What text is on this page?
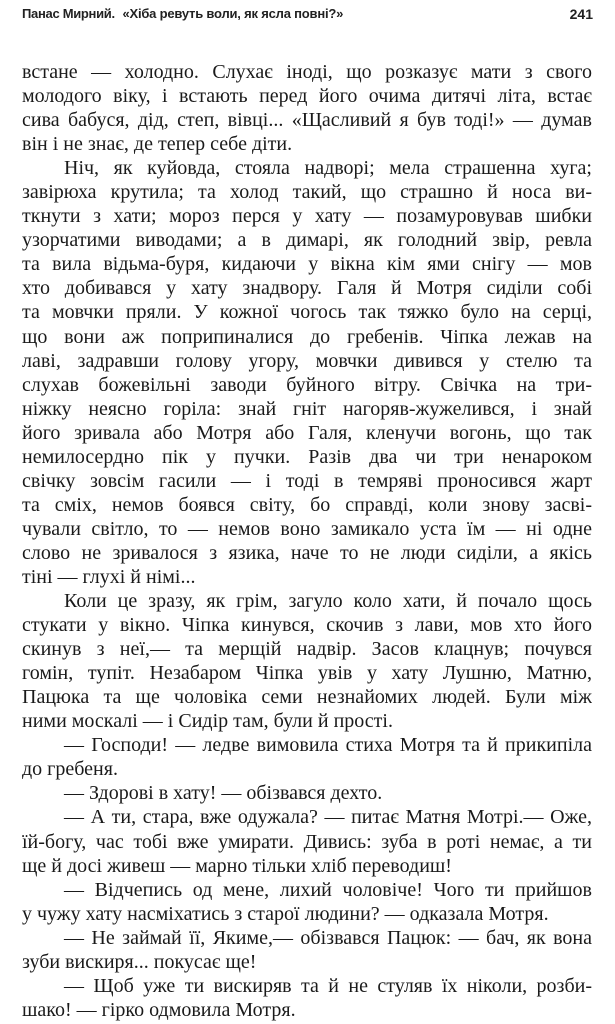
Панас Мирний. «Хіба ревуть воли, як ясла повні?»	241
встане — холодно. Слухає іноді, що розказує мати з свого
молодого віку, і встають перед його очима дитячі літа, встає
сива бабуся, дід, степ, вівці... «Щасливий я був тоді!» — думав
він і не знає, де тепер себе діти.
Ніч, як куйовда, стояла надворі; мела страшенна хуга;
завірюха крутила; та холод такий, що страшно й носа ви-
ткнути з хати; мороз перся у хату — позамуровував шибки
узорчатими виводами; а в димарі, як голодний звір, ревла
та вила відьма-буря, кидаючи у вікна кім ями снігу — мов
хто добивався у хату знадвору. Галя й Мотря сиділи собі
та мовчки пряли. У кожної чогось так тяжко було на серці,
що вони аж поприпиналися до гребенів. Чіпка лежав на
лаві, задравши голову угору, мовчки дивився у стелю та
слухав божевільні заводи буйного вітру. Свічка на три-
ніжку неясно горіла: знай гніт нагоряв-жужелився, і знай
його зривала або Мотря або Галя, кленучи вогонь, що так
немилосердно пік у пучки. Разів два чи три ненароком
свічку зовсім гасили — і тоді в темряві проносився жарт
та сміх, немов боявся світу, бо справді, коли знову засві-
чували світло, то — немов воно замикало уста їм — ні одне
слово не зривалося з язика, наче то не люди сиділи, а якісь
тіні — глухі й німі...
Коли це зразу, як грім, загуло коло хати, й почало щось
стукати у вікно. Чіпка кинувся, скочив з лави, мов хто його
скинув з неї,— та мерщій надвір. Засов клацнув; почувся
гомін, тупіт. Незабаром Чіпка увів у хату Лушню, Матню,
Пацюка та ще чоловіка семи незнайомих людей. Були між
ними москалі — і Сидір там, були й прості.
— Господи! — ледве вимовила стиха Мотря та й прикипіла
до гребеня.
— Здорові в хату! — обізвався дехто.
— А ти, стара, вже одужала? — питає Матня Мотрі.— Оже,
їй-богу, час тобі вже умирати. Дивись: зуба в роті немає, а ти
ще й досі живеш — марно тільки хліб переводиш!
— Відчепись од мене, лихий чоловіче! Чого ти прийшов
у чужу хату насміхатись з старої людини? — одказала Мотря.
— Не займай її, Якиме,— обізвався Пацюк: — бач, як вона
зуби вискиря... покусає ще!
— Щоб уже ти вискиряв та й не стуляв їх ніколи, розби-
шако! — гірко одмовила Мотря.
